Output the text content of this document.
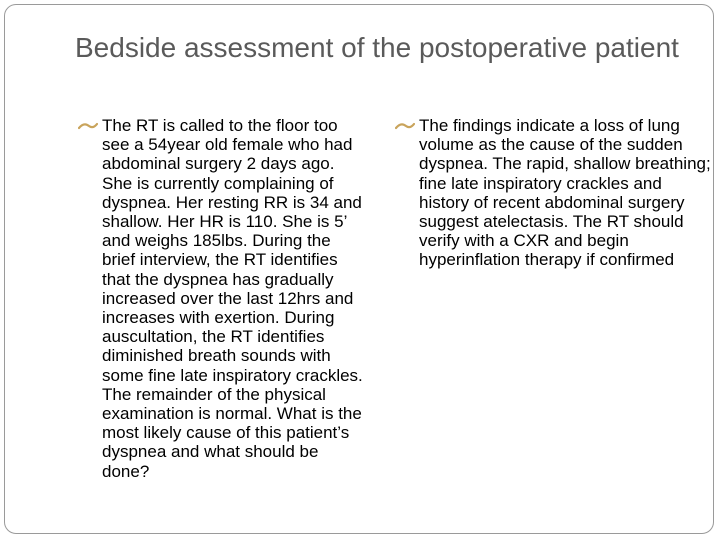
Bedside assessment of the postoperative patient

The RT is called to the floor too see a 54year old female who had abdominal surgery 2 days ago. She is currently complaining of dyspnea. Her resting RR is 34 and shallow. Her HR is 110. She is 5’ and weighs 185lbs. During the brief interview, the RT identifies that the dyspnea has gradually increased over the last 12hrs and increases with exertion. During auscultation, the RT identifies diminished breath sounds with some fine late inspiratory crackles. The remainder of the physical examination is normal. What is the most likely cause of this patient’s dyspnea and what should be done?

The findings indicate a loss of lung volume as the cause of the sudden dyspnea. The rapid, shallow breathing; fine late inspiratory crackles and history of recent abdominal surgery suggest atelectasis. The RT should verify with a CXR and begin hyperinflation therapy if confirmed
